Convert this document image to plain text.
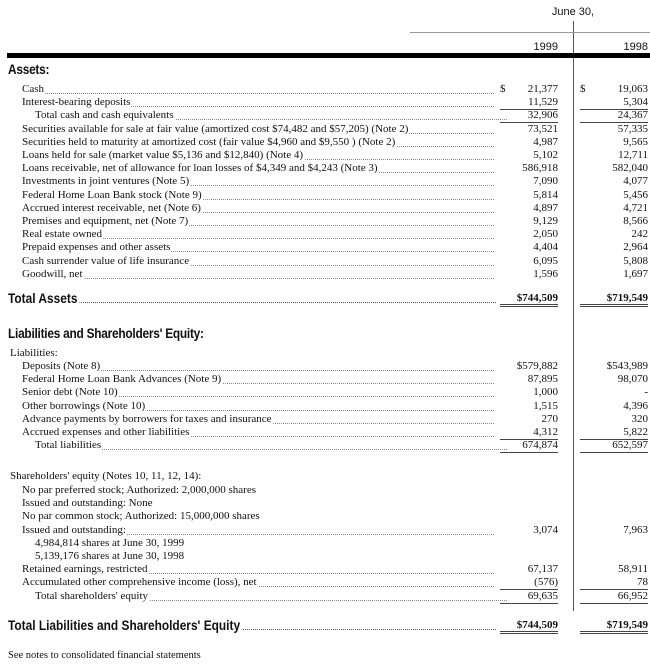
June 30,
1999	1998
Assets:
Cash	$ 21,377 $	19,063
Interest-bearing deposits	11,529	5,304
Total cash and cash equivalents	32,906	24,367
Securities available for sale at fair value (amortized cost $74,482 and $57,205) (Note 2)	73,521	57,335
Securities held to maturity at amortized cost (fair value $4,960 and $9,550 ) (Note 2)	4,987	9,565
Loans held for sale (market value $5,136 and $12,840) (Note 4)	5,102	12,711
Loans receivable, net of allowance for loan losses of $4,349 and $4,243 (Note 3)	586,918	582,040
Investments in joint ventures (Note 5)	7,090	4,077
Federal Home Loan Bank stock (Note 9)	5,814	5,456
Accrued interest receivable, net (Note 6)	4,897	4,721
Premises and equipment, net (Note 7)	9,129	8,566
Real estate owned	2,050	242
Prepaid expenses and other assets	4,404	2,964
Cash surrender value of life insurance	6,095	5,808
Goodwill, net	1,596	1,697
Total Assets	$744,509	$719,549
Liabilities and Shareholders' Equity:
Liabilities:
Deposits (Note 8)	$579,882	$543,989
Federal Home Loan Bank Advances (Note 9)	87,895	98,070
Senior debt (Note 10)	1,000	-
Other borrowings (Note 10)	1,515	4,396
Advance payments by borrowers for taxes and insurance	270	320
Accrued expenses and other liabilities	4,312	5,822
Total liabilities	674,874	652,597
Shareholders' equity (Notes 10, 11, 12, 14):
No par preferred stock; Authorized: 2,000,000 shares
Issued and outstanding: None
No par common stock; Authorized: 15,000,000 shares
Issued and outstanding:	3,074	7,963
4,984,814 shares at June 30, 1999
5,139,176 shares at June 30, 1998
Retained earnings, restricted	67,137	58,911
Accumulated other comprehensive income (loss), net	(576)	78
Total shareholders' equity	69,635	66,952
Total Liabilities and Shareholders' Equity	$744,509	$719,549
See notes to consolidated financial statements
